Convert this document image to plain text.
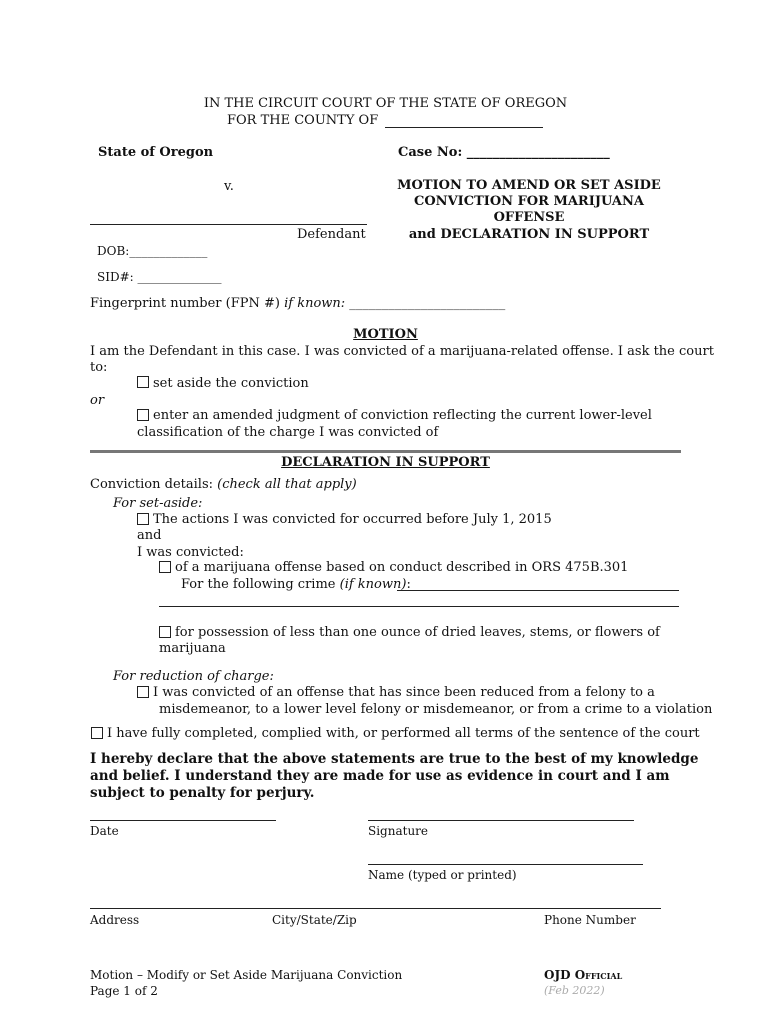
IN THE CIRCUIT COURT OF THE STATE OF OREGON
FOR THE COUNTY OF
State of Oregon
v.
Defendant
DOB:_____________
SID#: ______________
Case No: ______________________
MOTION TO AMEND OR SET ASIDE
CONVICTION FOR MARIJUANA
OFFENSE
and DECLARATION IN SUPPORT
Fingerprint number (FPN #) if known: ________________________
MOTION
I am the Defendant in this case. I was convicted of a marijuana-related offense. I ask the court
to:
set aside the conviction
or
enter an amended judgment of conviction reflecting the current lower-level
classification of the charge I was convicted of
DECLARATION IN SUPPORT
Conviction details: (check all that apply)
For set-aside:
The actions I was convicted for occurred before July 1, 2015
and
I was convicted:
of a marijuana offense based on conduct described in ORS 475B.301
For the following crime (if known):
for possession of less than one ounce of dried leaves, stems, or flowers of
marijuana
For reduction of charge:
I was convicted of an offense that has since been reduced from a felony to a
misdemeanor, to a lower level felony or misdemeanor, or from a crime to a violation
I have fully completed, complied with, or performed all terms of the sentence of the court
I hereby declare that the above statements are true to the best of my knowledge
and belief. I understand they are made for use as evidence in court and I am
subject to penalty for perjury.
Date	Signature
Name (typed or printed)
Address	City/State/Zip	Phone Number
Motion – Modify or Set Aside Marijuana Conviction
Page 1 of 2
OJD Official
(Feb 2022)
